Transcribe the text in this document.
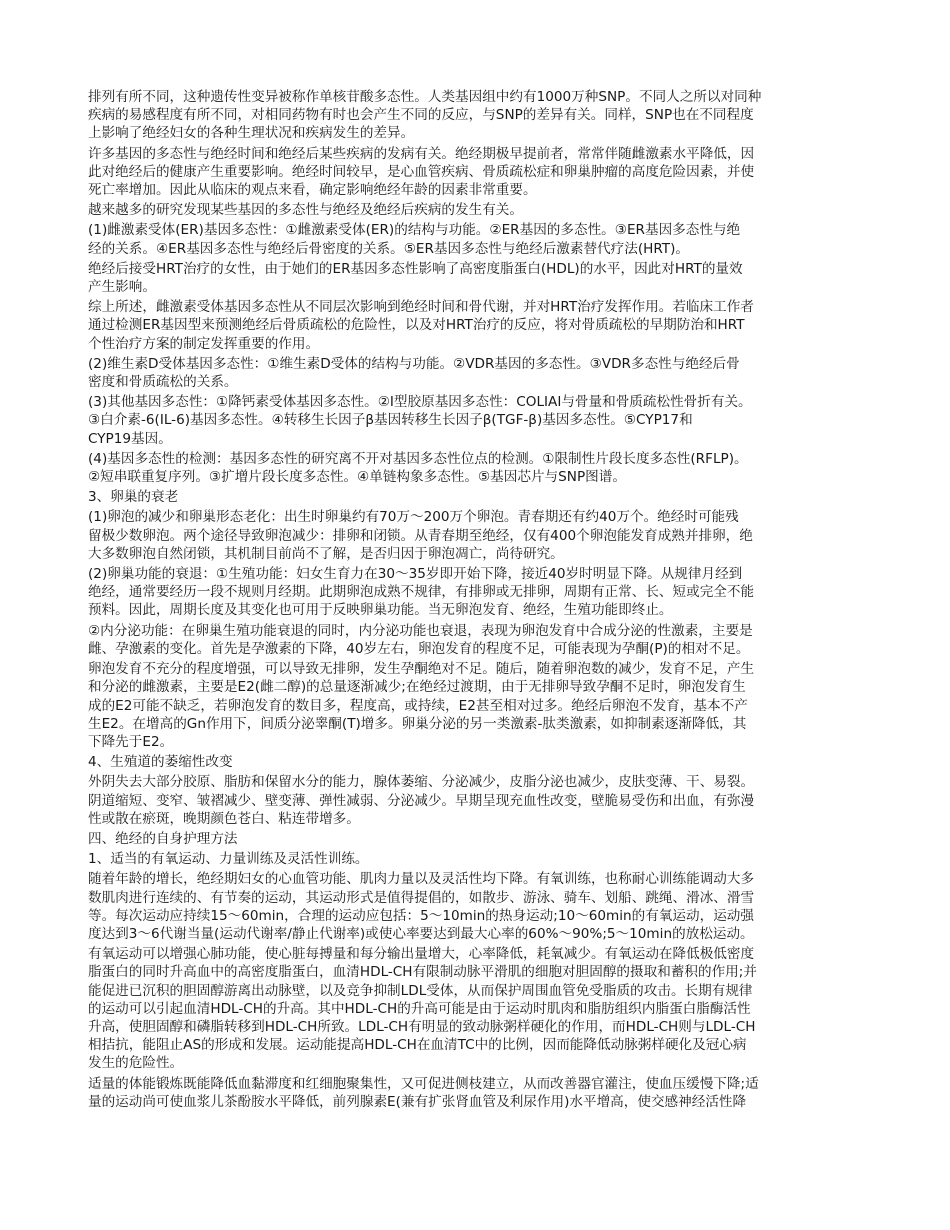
排列有所不同，这种遗传性变异被称作单核苷酸多态性。人类基因组中约有1000万种SNP。不同人之所以对同种
疾病的易感程度有所不同，对相同药物有时也会产生不同的反应，与SNP的差异有关。同样，SNP也在不同程度
上影响了绝经妇女的各种生理状况和疾病发生的差异。
许多基因的多态性与绝经时间和绝经后某些疾病的发病有关。绝经期极早提前者，常常伴随雌激素水平降低，因
此对绝经后的健康产生重要影响。绝经时间较早，是心血管疾病、骨质疏松症和卵巢肿瘤的高度危险因素，并使
死亡率增加。因此从临床的观点来看，确定影响绝经年龄的因素非常重要。
越来越多的研究发现某些基因的多态性与绝经及绝经后疾病的发生有关。
(1)雌激素受体(ER)基因多态性：①雌激素受体(ER)的结构与功能。②ER基因的多态性。③ER基因多态性与绝
经的关系。④ER基因多态性与绝经后骨密度的关系。⑤ER基因多态性与绝经后激素替代疗法(HRT)。
绝经后接受HRT治疗的女性，由于她们的ER基因多态性影响了高密度脂蛋白(HDL)的水平，因此对HRT的量效
产生影响。
综上所述，雌激素受体基因多态性从不同层次影响到绝经时间和骨代谢，并对HRT治疗发挥作用。若临床工作者
通过检测ER基因型来预测绝经后骨质疏松的危险性，以及对HRT治疗的反应，将对骨质疏松的早期防治和HRT
个性治疗方案的制定发挥重要的作用。
(2)维生素D受体基因多态性：①维生素D受体的结构与功能。②VDR基因的多态性。③VDR多态性与绝经后骨
密度和骨质疏松的关系。
(3)其他基因多态性：①降钙素受体基因多态性。②Ⅰ型胶原基因多态性：COLIAI与骨量和骨质疏松性骨折有关。
③白介素-6(IL-6)基因多态性。④转移生长因子β基因转移生长因子β(TGF-β)基因多态性。⑤CYP17和
CYP19基因。
(4)基因多态性的检测：基因多态性的研究离不开对基因多态性位点的检测。①限制性片段长度多态性(RFLP)。
②短串联重复序列。③扩增片段长度多态性。④单链构象多态性。⑤基因芯片与SNP图谱。
3、卵巢的衰老
(1)卵泡的减少和卵巢形态老化：出生时卵巢约有70万～200万个卵泡。青春期还有约40万个。绝经时可能残
留极少数卵泡。两个途径导致卵泡减少：排卵和闭锁。从青春期至绝经，仅有400个卵泡能发育成熟并排卵，绝
大多数卵泡自然闭锁，其机制目前尚不了解，是否归因于卵泡凋亡，尚待研究。
(2)卵巢功能的衰退：①生殖功能：妇女生育力在30～35岁即开始下降，接近40岁时明显下降。从规律月经到
绝经，通常要经历一段不规则月经期。此期卵泡成熟不规律，有排卵或无排卵，周期有正常、长、短或完全不能
预料。因此，周期长度及其变化也可用于反映卵巢功能。当无卵泡发育、绝经，生殖功能即终止。
②内分泌功能：在卵巢生殖功能衰退的同时，内分泌功能也衰退，表现为卵泡发育中合成分泌的性激素，主要是
雌、孕激素的变化。首先是孕激素的下降，40岁左右，卵泡发育的程度不足，可能表现为孕酮(P)的相对不足。
卵泡发育不充分的程度增强，可以导致无排卵，发生孕酮绝对不足。随后，随着卵泡数的减少，发育不足，产生
和分泌的雌激素，主要是E2(雌二醇)的总量逐渐减少;在绝经过渡期，由于无排卵导致孕酮不足时，卵泡发育生
成的E2可能不缺乏，若卵泡发育的数目多，程度高，或持续，E2甚至相对过多。绝经后卵泡不发育，基本不产
生E2。在增高的Gn作用下，间质分泌睾酮(T)增多。卵巢分泌的另一类激素-肽类激素，如抑制素逐渐降低，其
下降先于E2。
4、生殖道的萎缩性改变
外阴失去大部分胶原、脂肪和保留水分的能力，腺体萎缩、分泌减少，皮脂分泌也减少，皮肤变薄、干、易裂。
阴道缩短、变窄、皱褶减少、壁变薄、弹性减弱、分泌减少。早期呈现充血性改变，壁脆易受伤和出血，有弥漫
性或散在瘀斑，晚期颜色苍白、粘连带增多。
四、绝经的自身护理方法
1、适当的有氧运动、力量训练及灵活性训练。
随着年龄的增长，绝经期妇女的心血管功能、肌肉力量以及灵活性均下降。有氧训练，也称耐心训练能调动大多
数肌肉进行连续的、有节奏的运动，其运动形式是值得提倡的，如散步、游泳、骑车、划船、跳绳、滑冰、滑雪
等。每次运动应持续15～60min，合理的运动应包括：5～10min的热身运动;10～60min的有氧运动，运动强
度达到3～6代谢当量(运动代谢率/静止代谢率)或使心率要达到最大心率的60%～90%;5～10min的放松运动。
有氧运动可以增强心肺功能，使心脏每搏量和每分输出量增大，心率降低，耗氧减少。有氧运动在降低极低密度
脂蛋白的同时升高血中的高密度脂蛋白，血清HDL-CH有限制动脉平滑肌的细胞对胆固醇的摄取和蓄积的作用;并
能促进已沉积的胆固醇游离出动脉壁，以及竞争抑制LDL受体，从而保护周围血管免受脂质的攻击。长期有规律
的运动可以引起血清HDL-CH的升高。其中HDL-CH的升高可能是由于运动时肌肉和脂肪组织内脂蛋白脂酶活性
升高，使胆固醇和磷脂转移到HDL-CH所致。LDL-CH有明显的致动脉粥样硬化的作用，而HDL-CH则与LDL-CH
相拮抗，能阻止AS的形成和发展。运动能提高HDL-CH在血清TC中的比例，因而能降低动脉粥样硬化及冠心病
发生的危险性。
适量的体能锻炼既能降低血黏滞度和红细胞聚集性，又可促进侧枝建立，从而改善器官灌注，使血压缓慢下降;适
量的运动尚可使血浆儿茶酚胺水平降低，前列腺素E(兼有扩张肾血管及利尿作用)水平增高，使交感神经活性降
